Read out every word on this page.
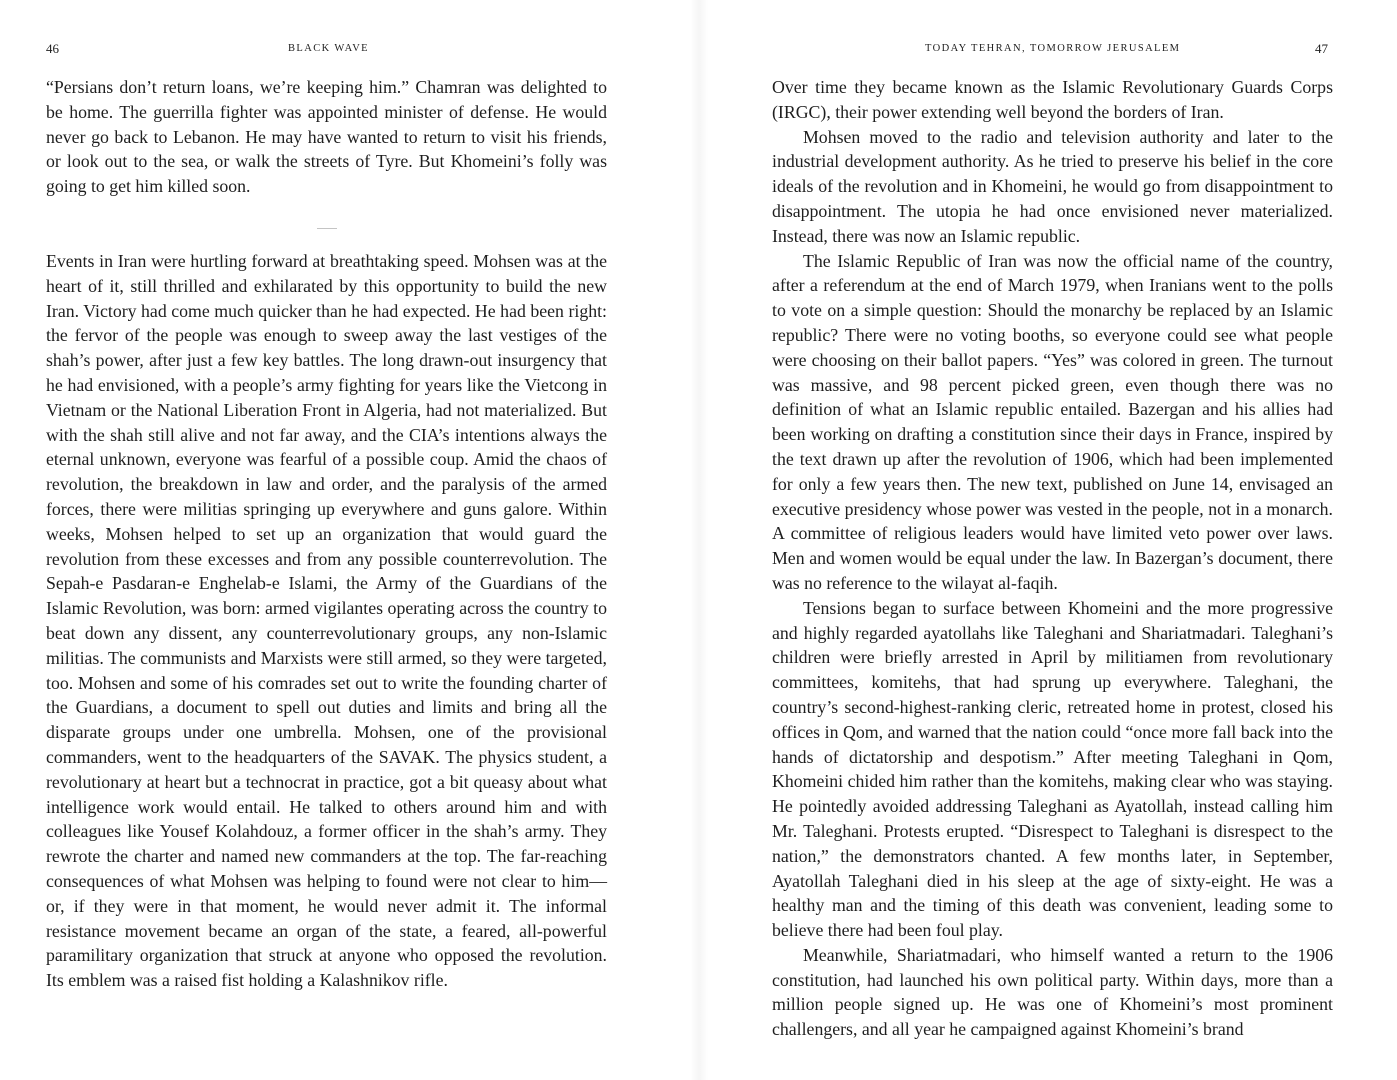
46	BLACK WAVE

“Persians don’t return loans, we’re keeping him.” Chamran was delighted to be home. The guerrilla fighter was appointed minister of defense. He would never go back to Lebanon. He may have wanted to return to visit his friends, or look out to the sea, or walk the streets of Tyre. But Khomeini’s folly was going to get him killed soon.

Events in Iran were hurtling forward at breathtaking speed. Mohsen was at the heart of it, still thrilled and exhilarated by this opportunity to build the new Iran. Victory had come much quicker than he had expected. He had been right: the fervor of the people was enough to sweep away the last vestiges of the shah’s power, after just a few key battles. The long drawn-out insurgency that he had envisioned, with a people’s army fighting for years like the Vietcong in Vietnam or the National Liberation Front in Algeria, had not materialized. But with the shah still alive and not far away, and the CIA’s intentions always the eternal unknown, everyone was fearful of a possible coup. Amid the chaos of revolution, the breakdown in law and order, and the paralysis of the armed forces, there were militias springing up everywhere and guns galore. Within weeks, Mohsen helped to set up an organization that would guard the revolution from these excesses and from any possible counterrevolution. The Sepah-e Pasdaran-e Enghelab-e Islami, the Army of the Guardians of the Islamic Revolution, was born: armed vigilantes operating across the country to beat down any dissent, any counterrevolutionary groups, any non-Islamic militias. The communists and Marxists were still armed, so they were targeted, too. Mohsen and some of his comrades set out to write the founding charter of the Guardians, a document to spell out duties and limits and bring all the disparate groups under one umbrella. Mohsen, one of the provisional commanders, went to the headquarters of the SAVAK. The physics student, a revolutionary at heart but a technocrat in practice, got a bit queasy about what intelligence work would entail. He talked to others around him and with colleagues like Yousef Kolahdouz, a former officer in the shah’s army. They rewrote the charter and named new commanders at the top. The far-reaching consequences of what Mohsen was helping to found were not clear to him—or, if they were in that moment, he would never admit it. The informal resistance movement became an organ of the state, a feared, all-powerful paramilitary organization that struck at anyone who opposed the revolution. Its emblem was a raised fist holding a Kalashnikov rifle.

TODAY TEHRAN, TOMORROW JERUSALEM	47

Over time they became known as the Islamic Revolutionary Guards Corps (IRGC), their power extending well beyond the borders of Iran.

Mohsen moved to the radio and television authority and later to the industrial development authority. As he tried to preserve his belief in the core ideals of the revolution and in Khomeini, he would go from disappointment to disappointment. The utopia he had once envisioned never materialized. Instead, there was now an Islamic republic.

The Islamic Republic of Iran was now the official name of the country, after a referendum at the end of March 1979, when Iranians went to the polls to vote on a simple question: Should the monarchy be replaced by an Islamic republic? There were no voting booths, so everyone could see what people were choosing on their ballot papers. “Yes” was colored in green. The turnout was massive, and 98 percent picked green, even though there was no definition of what an Islamic republic entailed. Bazergan and his allies had been working on drafting a constitution since their days in France, inspired by the text drawn up after the revolution of 1906, which had been implemented for only a few years then. The new text, published on June 14, envisaged an executive presidency whose power was vested in the people, not in a monarch. A committee of religious leaders would have limited veto power over laws. Men and women would be equal under the law. In Bazergan’s document, there was no reference to the wilayat al-faqih.

Tensions began to surface between Khomeini and the more progressive and highly regarded ayatollahs like Taleghani and Shariatmadari. Taleghani’s children were briefly arrested in April by militiamen from revolutionary committees, komitehs, that had sprung up everywhere. Taleghani, the country’s second-highest-ranking cleric, retreated home in protest, closed his offices in Qom, and warned that the nation could “once more fall back into the hands of dictatorship and despotism.” After meeting Taleghani in Qom, Khomeini chided him rather than the komitehs, making clear who was staying. He pointedly avoided addressing Taleghani as Ayatollah, instead calling him Mr. Taleghani. Protests erupted. “Disrespect to Taleghani is disrespect to the nation,” the demonstrators chanted. A few months later, in September, Ayatollah Taleghani died in his sleep at the age of sixty-eight. He was a healthy man and the timing of this death was convenient, leading some to believe there had been foul play.

Meanwhile, Shariatmadari, who himself wanted a return to the 1906 constitution, had launched his own political party. Within days, more than a million people signed up. He was one of Khomeini’s most prominent challengers, and all year he campaigned against Khomeini’s brand
